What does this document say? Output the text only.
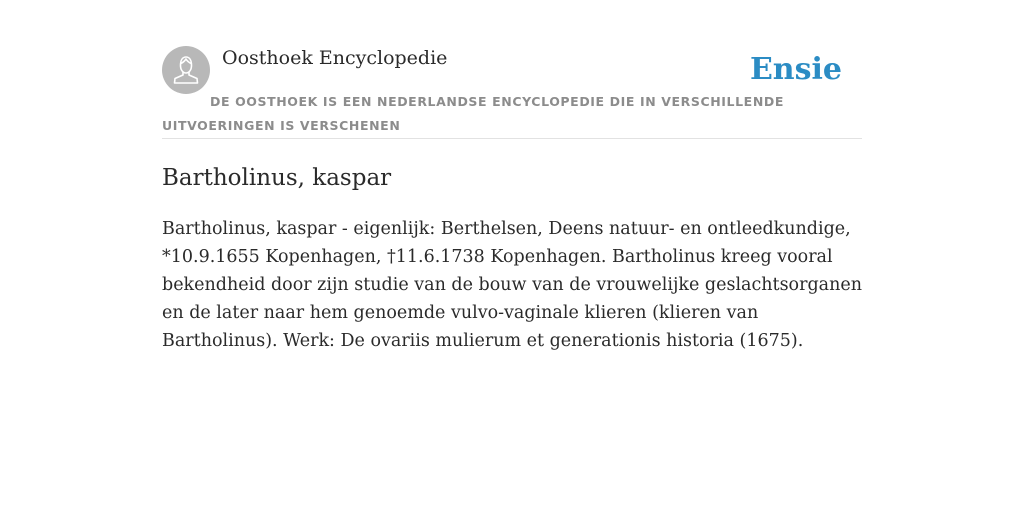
Oosthoek Encyclopedie	Ensie
DE OOSTHOEK IS EEN NEDERLANDSE ENCYCLOPEDIE DIE IN VERSCHILLENDE UITVOERINGEN IS VERSCHENEN
Bartholinus, kaspar

Bartholinus, kaspar - eigenlijk: Berthelsen, Deens natuur- en ontleedkundige, *10.9.1655 Kopenhagen, †11.6.1738 Kopenhagen. Bartholinus kreeg vooral bekendheid door zijn studie van de bouw van de vrouwelijke geslachtsorganen en de later naar hem genoemde vulvo-vaginale klieren (klieren van Bartholinus). Werk: De ovariis mulierum et generationis historia (1675).
